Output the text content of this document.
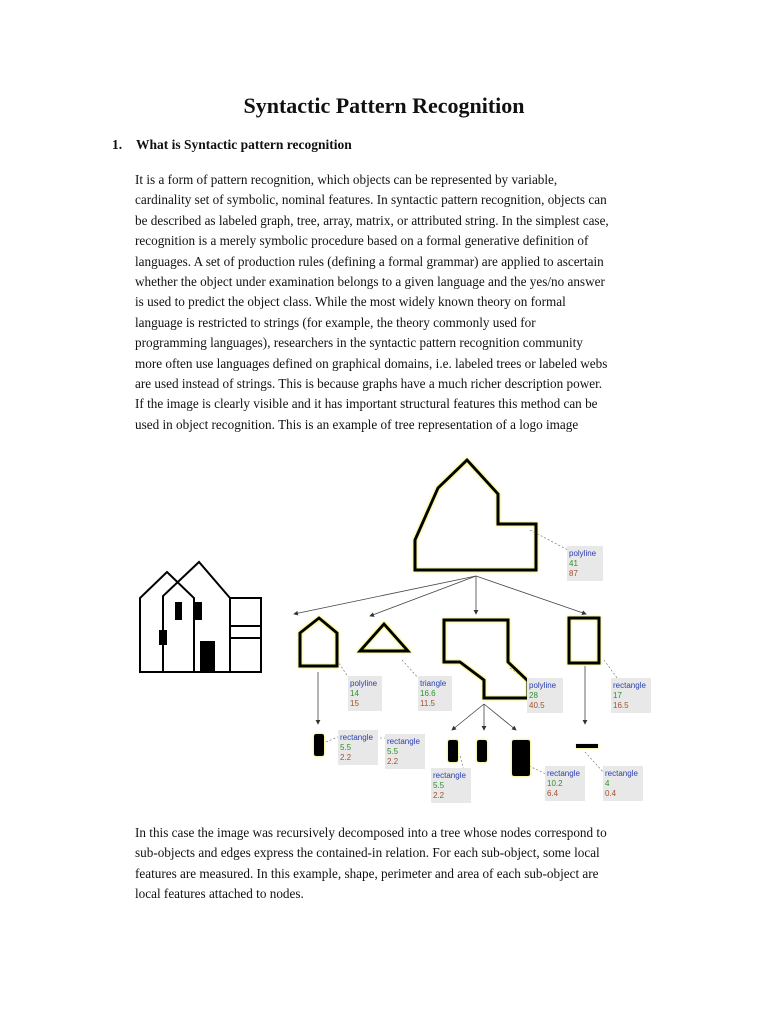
Syntactic Pattern Recognition
1. What is Syntactic pattern recognition

It is a form of pattern recognition, which objects can be represented by variable,
cardinality set of symbolic, nominal features. In syntactic pattern recognition, objects can
be described as labeled graph, tree, array, matrix, or attributed string. In the simplest case,
recognition is a merely symbolic procedure based on a formal generative definition of
languages. A set of production rules (defining a formal grammar) are applied to ascertain
whether the object under examination belongs to a given language and the yes/no answer
is used to predict the object class. While the most widely known theory on formal
language is restricted to strings (for example, the theory commonly used for
programming languages), researchers in the syntactic pattern recognition community
more often use languages defined on graphical domains, i.e. labeled trees or labeled webs
are used instead of strings. This is because graphs have a much richer description power.
If the image is clearly visible and it has important structural features this method can be
used in object recognition. This is an example of tree representation of a logo image

polyline
41
87
polyline
14
15
triangle
16.6
11.5
polyline
28
40.5
rectangle
17
16.5
rectangle
5.5
2.2
rectangle
5.5
2.2
rectangle
5.5
2.2
rectangle
10.2
6.4
rectangle
4
0.4

In this case the image was recursively decomposed into a tree whose nodes correspond to
sub-objects and edges express the contained-in relation. For each sub-object, some local
features are measured. In this example, shape, perimeter and area of each sub-object are
local features attached to nodes.
